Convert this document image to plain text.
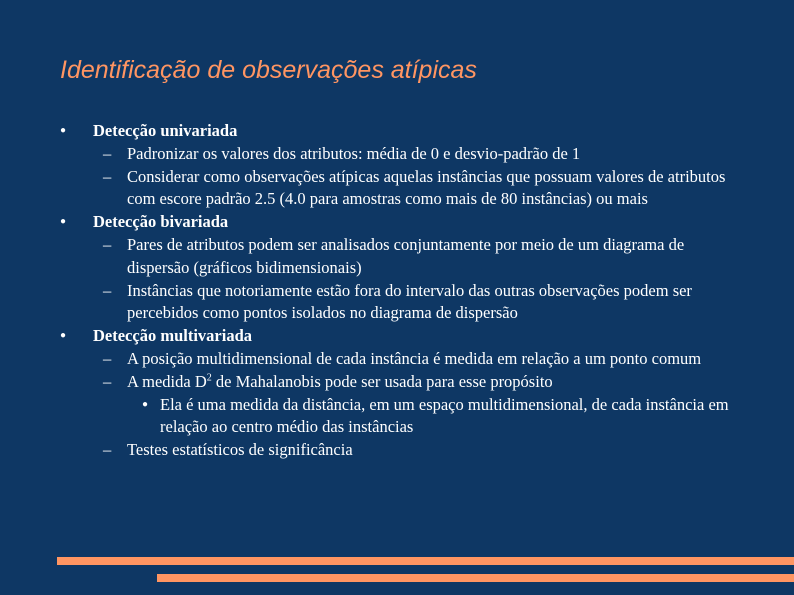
Identificação de observações atípicas
● Detecção univariada
– Padronizar os valores dos atributos: média de 0 e desvio-padrão de 1
– Considerar como observações atípicas aquelas instâncias que possuam valores de atributos com escore padrão 2.5 (4.0 para amostras como mais de 80 instâncias) ou mais
● Detecção bivariada
– Pares de atributos podem ser analisados conjuntamente por meio de um diagrama de dispersão (gráficos bidimensionais)
– Instâncias que notoriamente estão fora do intervalo das outras observações podem ser percebidos como pontos isolados no diagrama de dispersão
● Detecção multivariada
– A posição multidimensional de cada instância é medida em relação a um ponto comum
– A medida $D^2$ de Mahalanobis pode ser usada para esse propósito
● Ela é uma medida da distância, em um espaço multidimensional, de cada instância em relação ao centro médio das instâncias
– Testes estatísticos de significância
